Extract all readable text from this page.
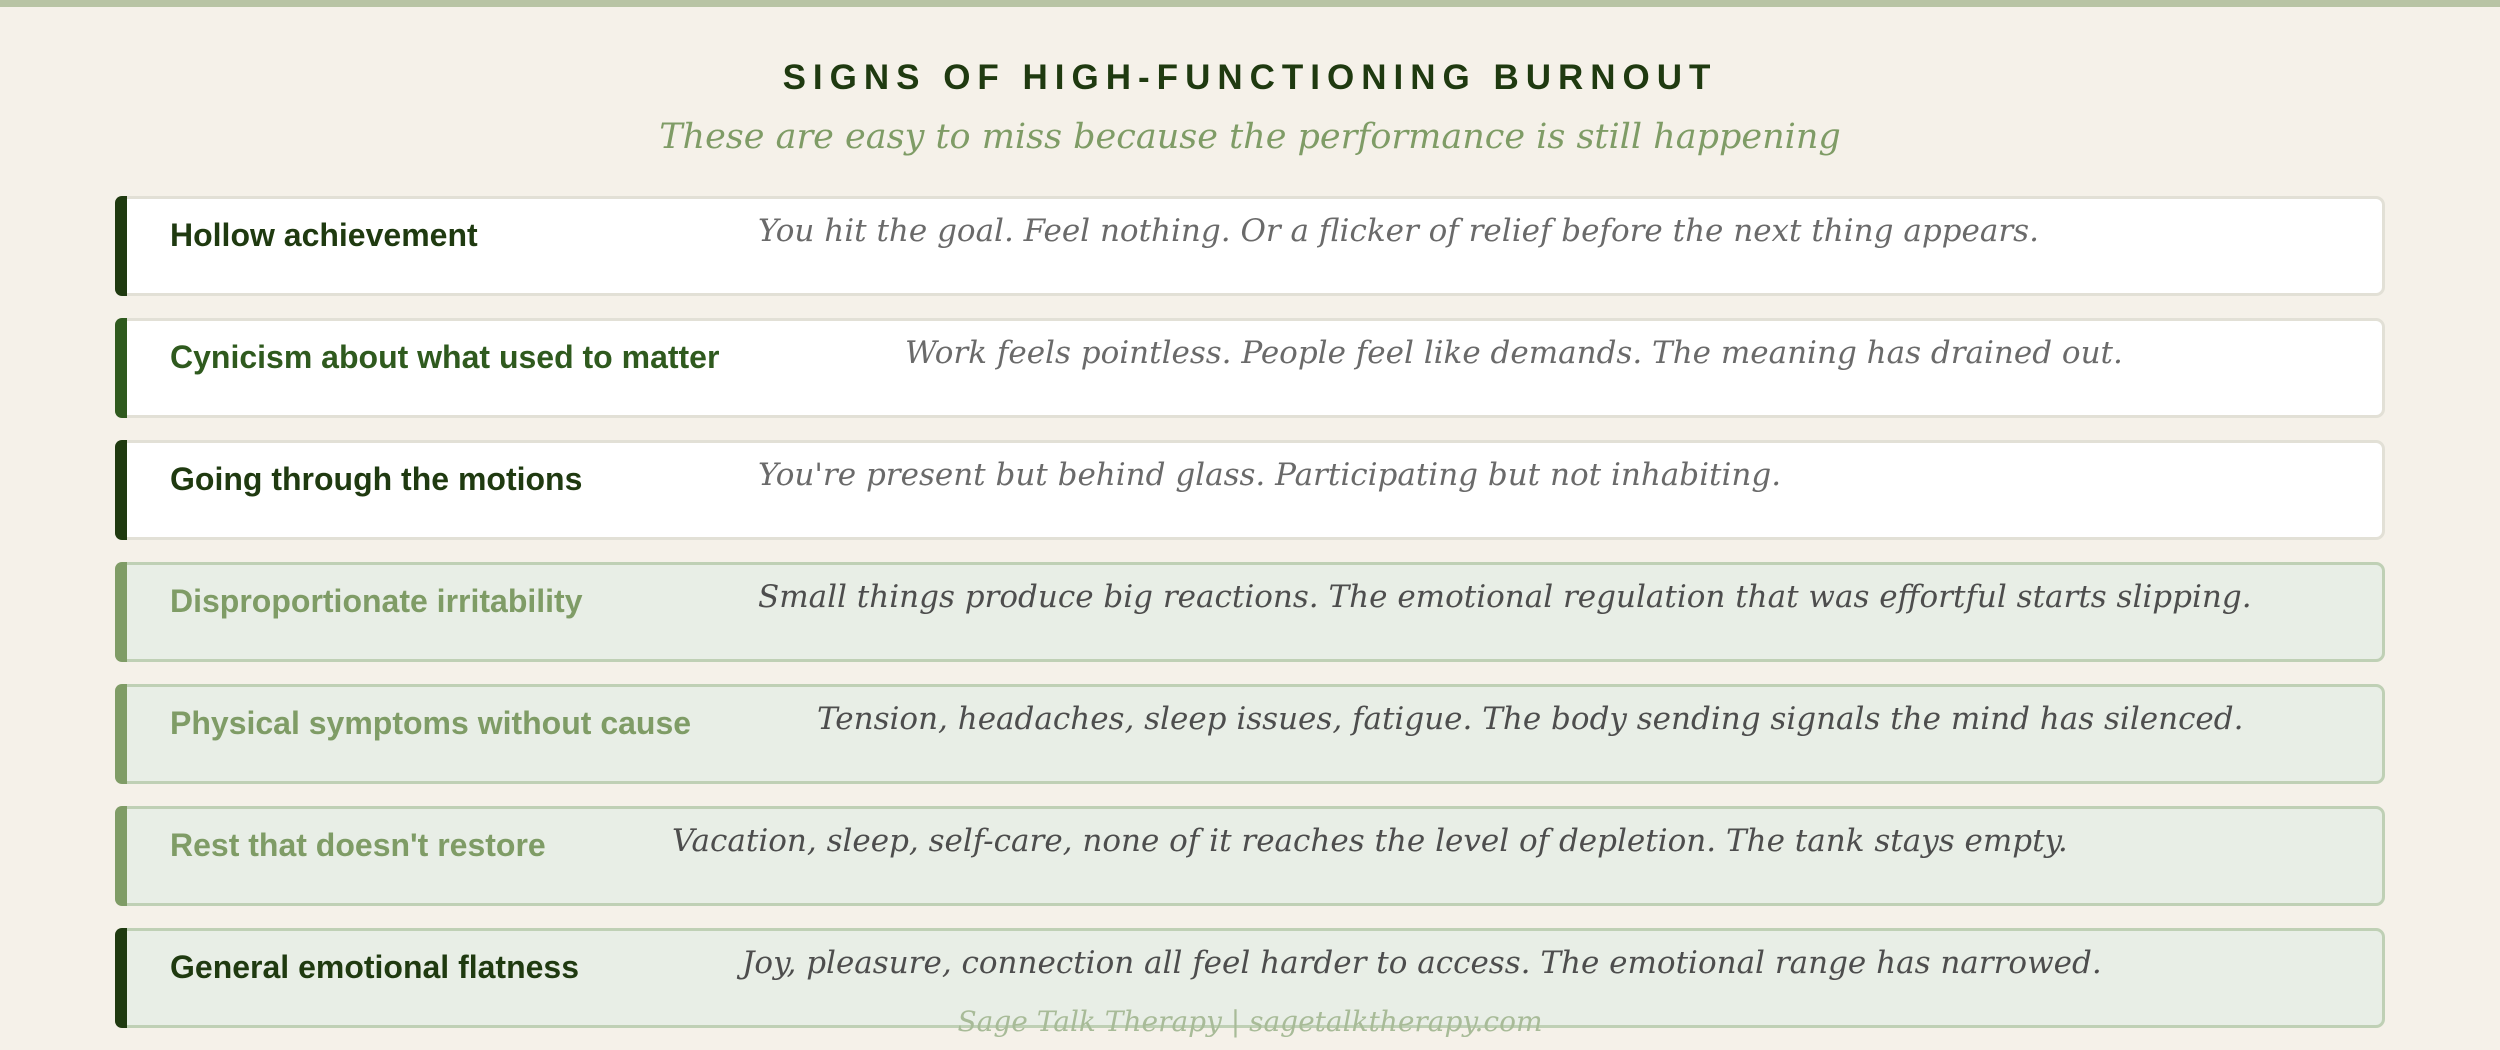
SIGNS OF HIGH-FUNCTIONING BURNOUT
These are easy to miss because the performance is still happening
Hollow achievement	You hit the goal. Feel nothing. Or a flicker of relief before the next thing appears.
Cynicism about what used to matter	Work feels pointless. People feel like demands. The meaning has drained out.
Going through the motions	You're present but behind glass. Participating but not inhabiting.
Disproportionate irritability	Small things produce big reactions. The emotional regulation that was effortful starts slipping.
Physical symptoms without cause	Tension, headaches, sleep issues, fatigue. The body sending signals the mind has silenced.
Rest that doesn't restore	Vacation, sleep, self-care, none of it reaches the level of depletion. The tank stays empty.
General emotional flatness	Joy, pleasure, connection all feel harder to access. The emotional range has narrowed.
Sage Talk Therapy | sagetalktherapy.com
